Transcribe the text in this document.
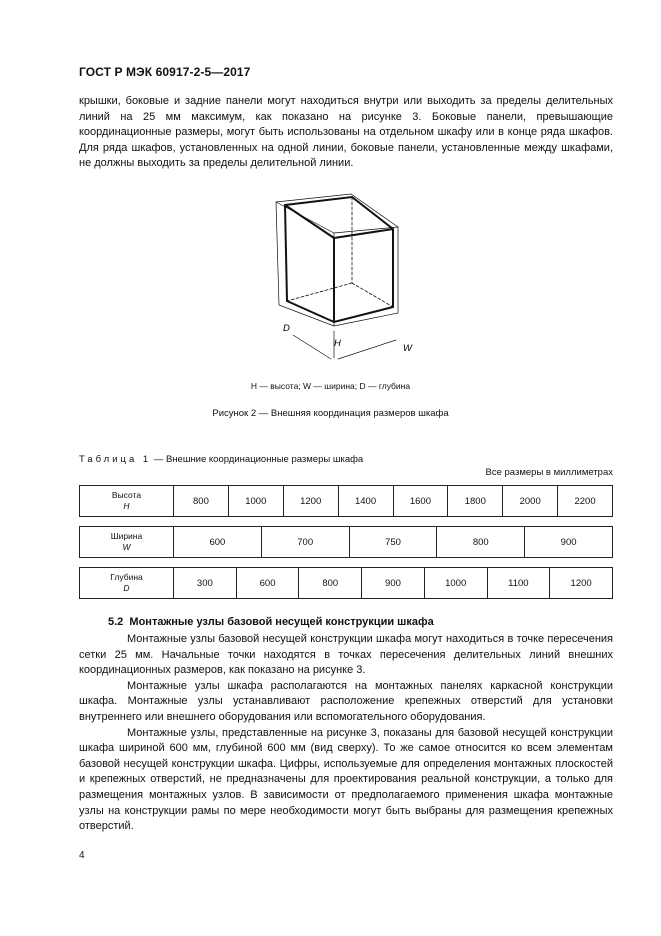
ГОСТ Р МЭК 60917-2-5—2017

крышки, боковые и задние панели могут находиться внутри или выходить за пределы делительных линий на 25 мм максимум, как показано на рисунке 3. Боковые панели, превышающие координационные размеры, могут быть использованы на отдельном шкафу или в конце ряда шкафов. Для ряда шкафов, установленных на одной линии, боковые панели, установленные между шкафами, не должны выходить за пределы делительной линии.

D
H	W
H — высота; W — ширина; D — глубина
Рисунок 2 — Внешняя координация размеров шкафа
Таблица 1 — Внешние координационные размеры шкафа
Все размеры в миллиметрах
Высота
H	800	1000	1200	1400	1600	1800	2000	2200
Ширина
W	600	700	750	800	900
Глубина
D	300	600	800	900	1000	1100	1200
5.2 Монтажные узлы базовой несущей конструкции шкафа

Монтажные узлы базовой несущей конструкции шкафа могут находиться в точке пересечения сетки 25 мм. Начальные точки находятся в точках пересечения делительных линий внешних координационных размеров, как показано на рисунке 3.

Монтажные узлы шкафа располагаются на монтажных панелях каркасной конструкции шкафа. Монтажные узлы устанавливают расположение крепежных отверстий для установки внутреннего или внешнего оборудования или вспомогательного оборудования.

Монтажные узлы, представленные на рисунке 3, показаны для базовой несущей конструкции шкафа шириной 600 мм, глубиной 600 мм (вид сверху). То же самое относится ко всем элементам базовой несущей конструкции шкафа. Цифры, используемые для определения монтажных плоскостей и крепежных отверстий, не предназначены для проектирования реальной конструкции, а только для размещения монтажных узлов. В зависимости от предполагаемого применения шкафа монтажные узлы на конструкции рамы по мере необходимости могут быть выбраны для размещения крепежных отверстий.

4
